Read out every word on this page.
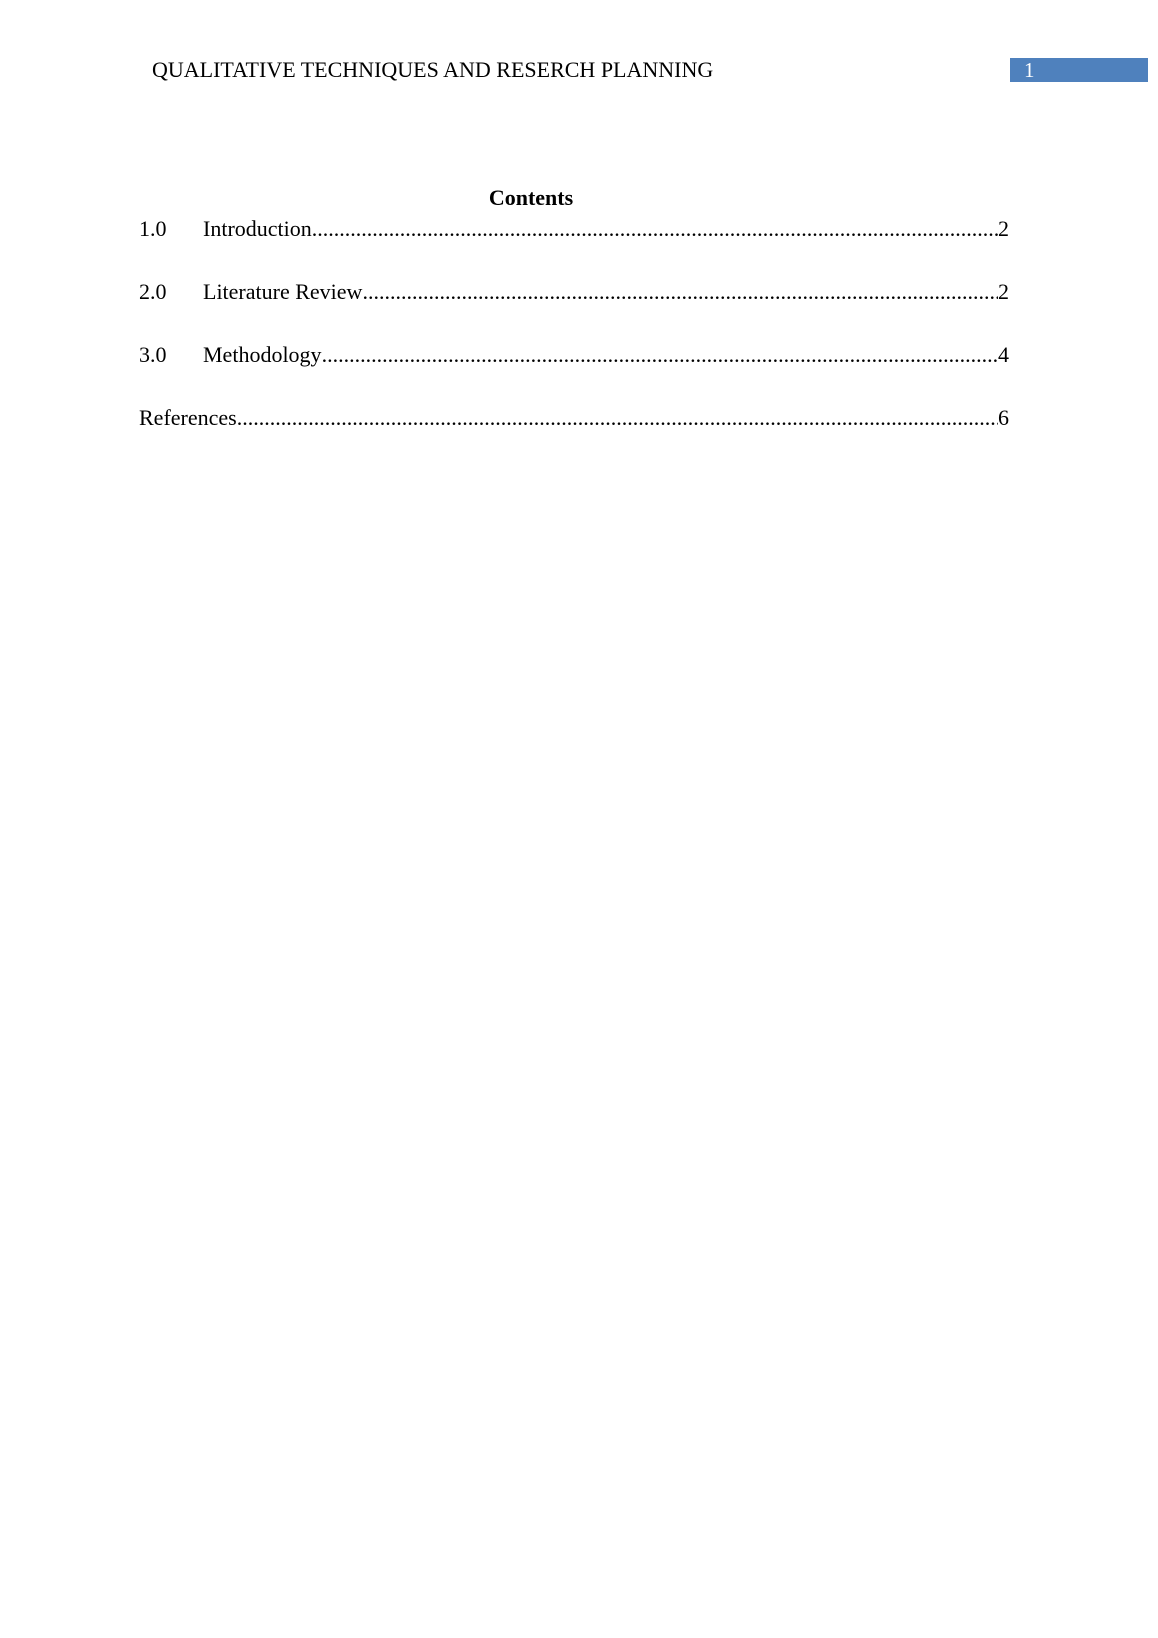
QUALITATIVE TECHNIQUES AND RESERCH PLANNING	1
Contents
1.0	Introduction .....	2
2.0	Literature Review .....	2
3.0	Methodology .....	4
References .....	6
